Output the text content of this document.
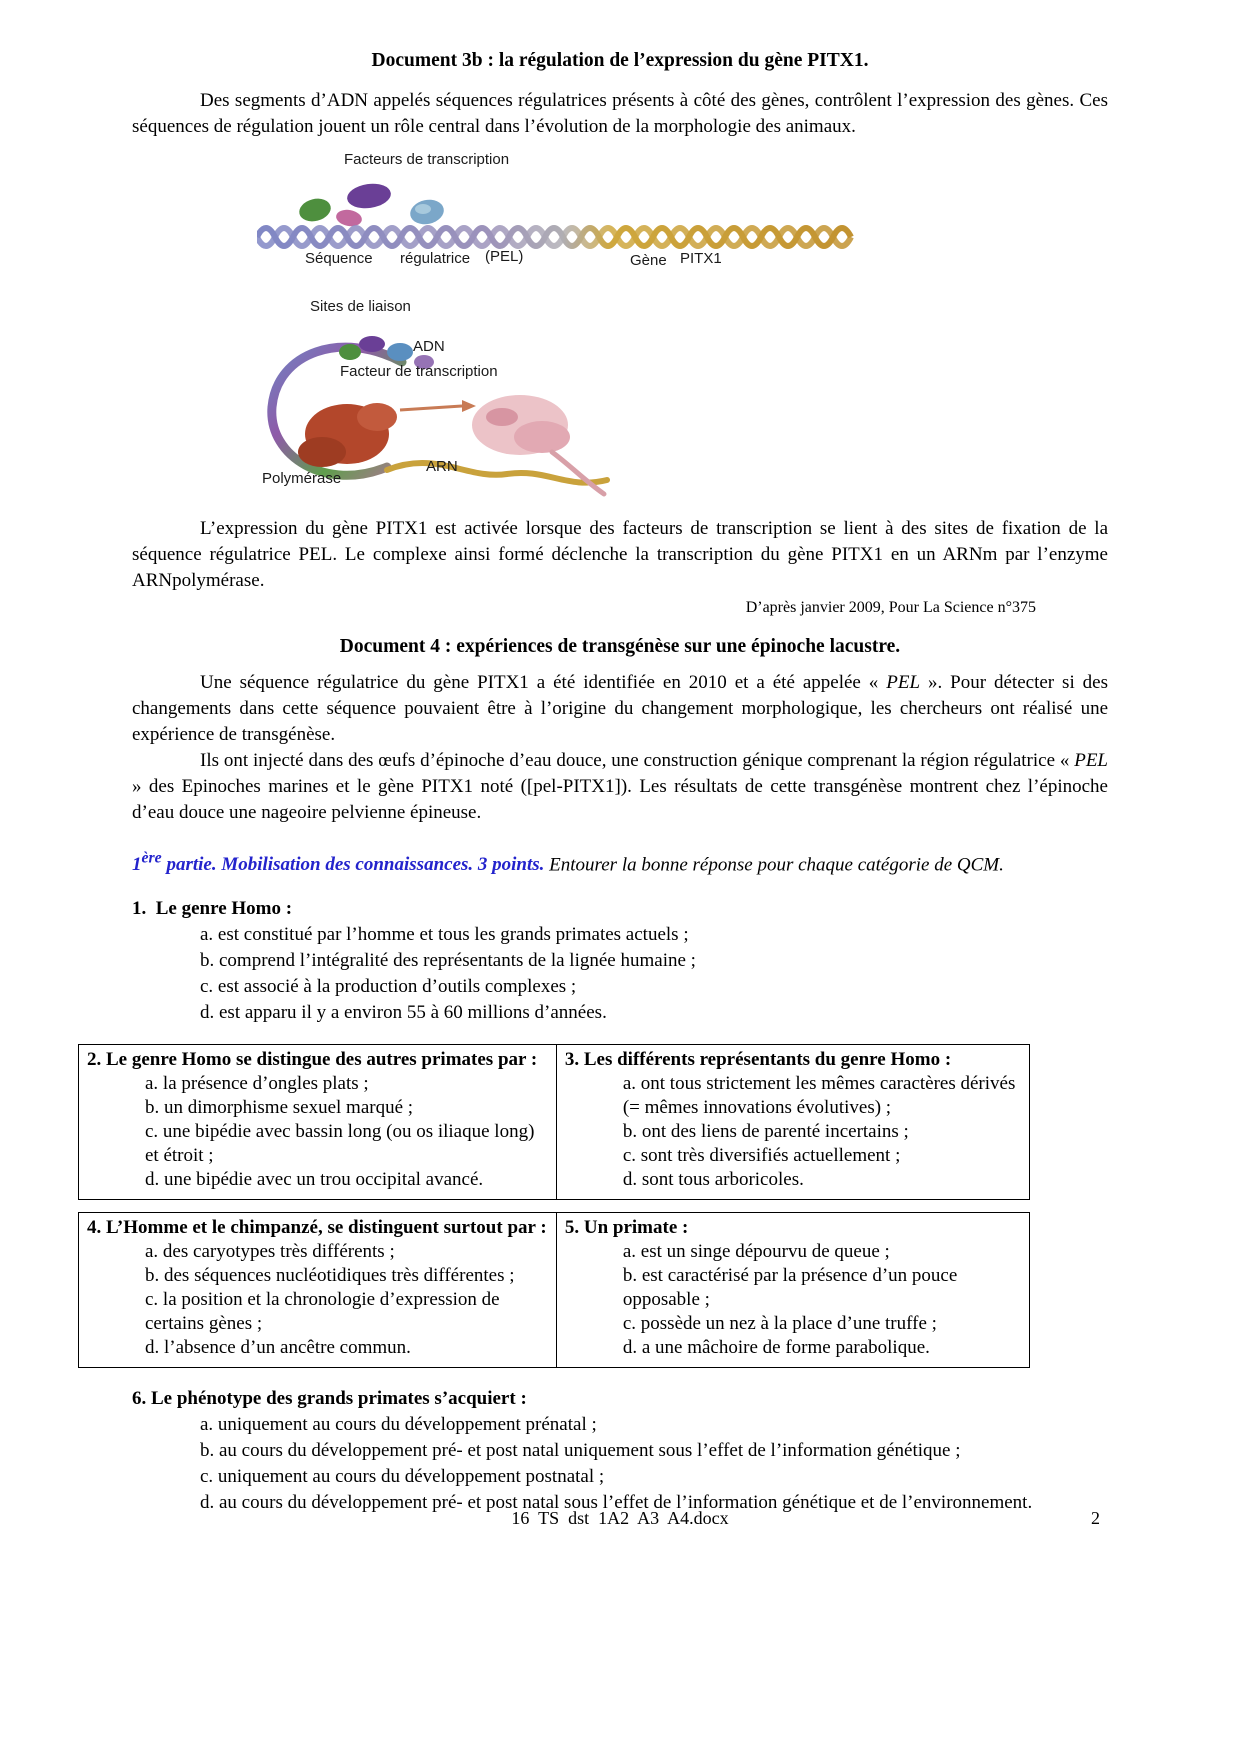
Document 3b : la régulation de l’expression du gène PITX1.

Des segments d’ADN appelés séquences régulatrices présents à côté des gènes, contrôlent l’expression des gènes. Ces séquences de régulation jouent un rôle central dans l’évolution de la morphologie des animaux.

Facteurs de transcription
Séquence régulatrice (PEL)	Gène PITX1
Sites de liaison
ADN
Facteur de transcription
Polymérase
ARN

L’expression du gène PITX1 est activée lorsque des facteurs de transcription se lient à des sites de fixation de la séquence régulatrice PEL. Le complexe ainsi formé déclenche la transcription du gène PITX1 en un ARNm par l’enzyme ARNpolymérase.

D’après janvier 2009, Pour La Science n°375
Document 4 : expériences de transgénèse sur une épinoche lacustre.

Une séquence régulatrice du gène PITX1 a été identifiée en 2010 et a été appelée « PEL ». Pour détecter si des changements dans cette séquence pouvaient être à l’origine du changement morphologique, les chercheurs ont réalisé une expérience de transgénèse.

Ils ont injecté dans des œufs d’épinoche d’eau douce, une construction génique comprenant la région régulatrice « PEL » des Epinoches marines et le gène PITX1 noté ([pel-PITX1]). Les résultats de cette transgénèse montrent chez l’épinoche d’eau douce une nageoire pelvienne épineuse.

1ère partie. Mobilisation des connaissances. 3 points. Entourer la bonne réponse pour chaque catégorie de QCM.
1.  Le genre Homo :
a. est constitué par l’homme et tous les grands primates actuels ;
b. comprend l’intégralité des représentants de la lignée humaine ;
c. est associé à la production d’outils complexes ;
d. est apparu il y a environ 55 à 60 millions d’années.
2. Le genre Homo se distingue des autres primates par :
a. la présence d’ongles plats ;
b. un dimorphisme sexuel marqué ;
c. une bipédie avec bassin long (ou os iliaque long) et étroit ;
d. une bipédie avec un trou occipital avancé.
3. Les différents représentants du genre Homo :
a. ont tous strictement les mêmes caractères dérivés (= mêmes innovations évolutives) ;
b. ont des liens de parenté incertains ;
c. sont très diversifiés actuellement ;
d. sont tous arboricoles.
4. L’Homme et le chimpanzé, se distinguent surtout par :
a. des caryotypes très différents ;
b. des séquences nucléotidiques très différentes ;
c. la position et la chronologie d’expression de certains gènes ;
d. l’absence d’un ancêtre commun.
5. Un primate :
a. est un singe dépourvu de queue ;
b. est caractérisé par la présence d’un pouce opposable ;
c. possède un nez à la place d’une truffe ;
d. a une mâchoire de forme parabolique.
6. Le phénotype des grands primates s’acquiert :
a. uniquement au cours du développement prénatal ;
b. au cours du développement pré- et post natal uniquement sous l’effet de l’information génétique ;
c. uniquement au cours du développement postnatal ;
d. au cours du développement pré- et post natal sous l’effet de l’information génétique et de l’environnement.
16  TS  dst  1A2  A3  A4.docx	2
